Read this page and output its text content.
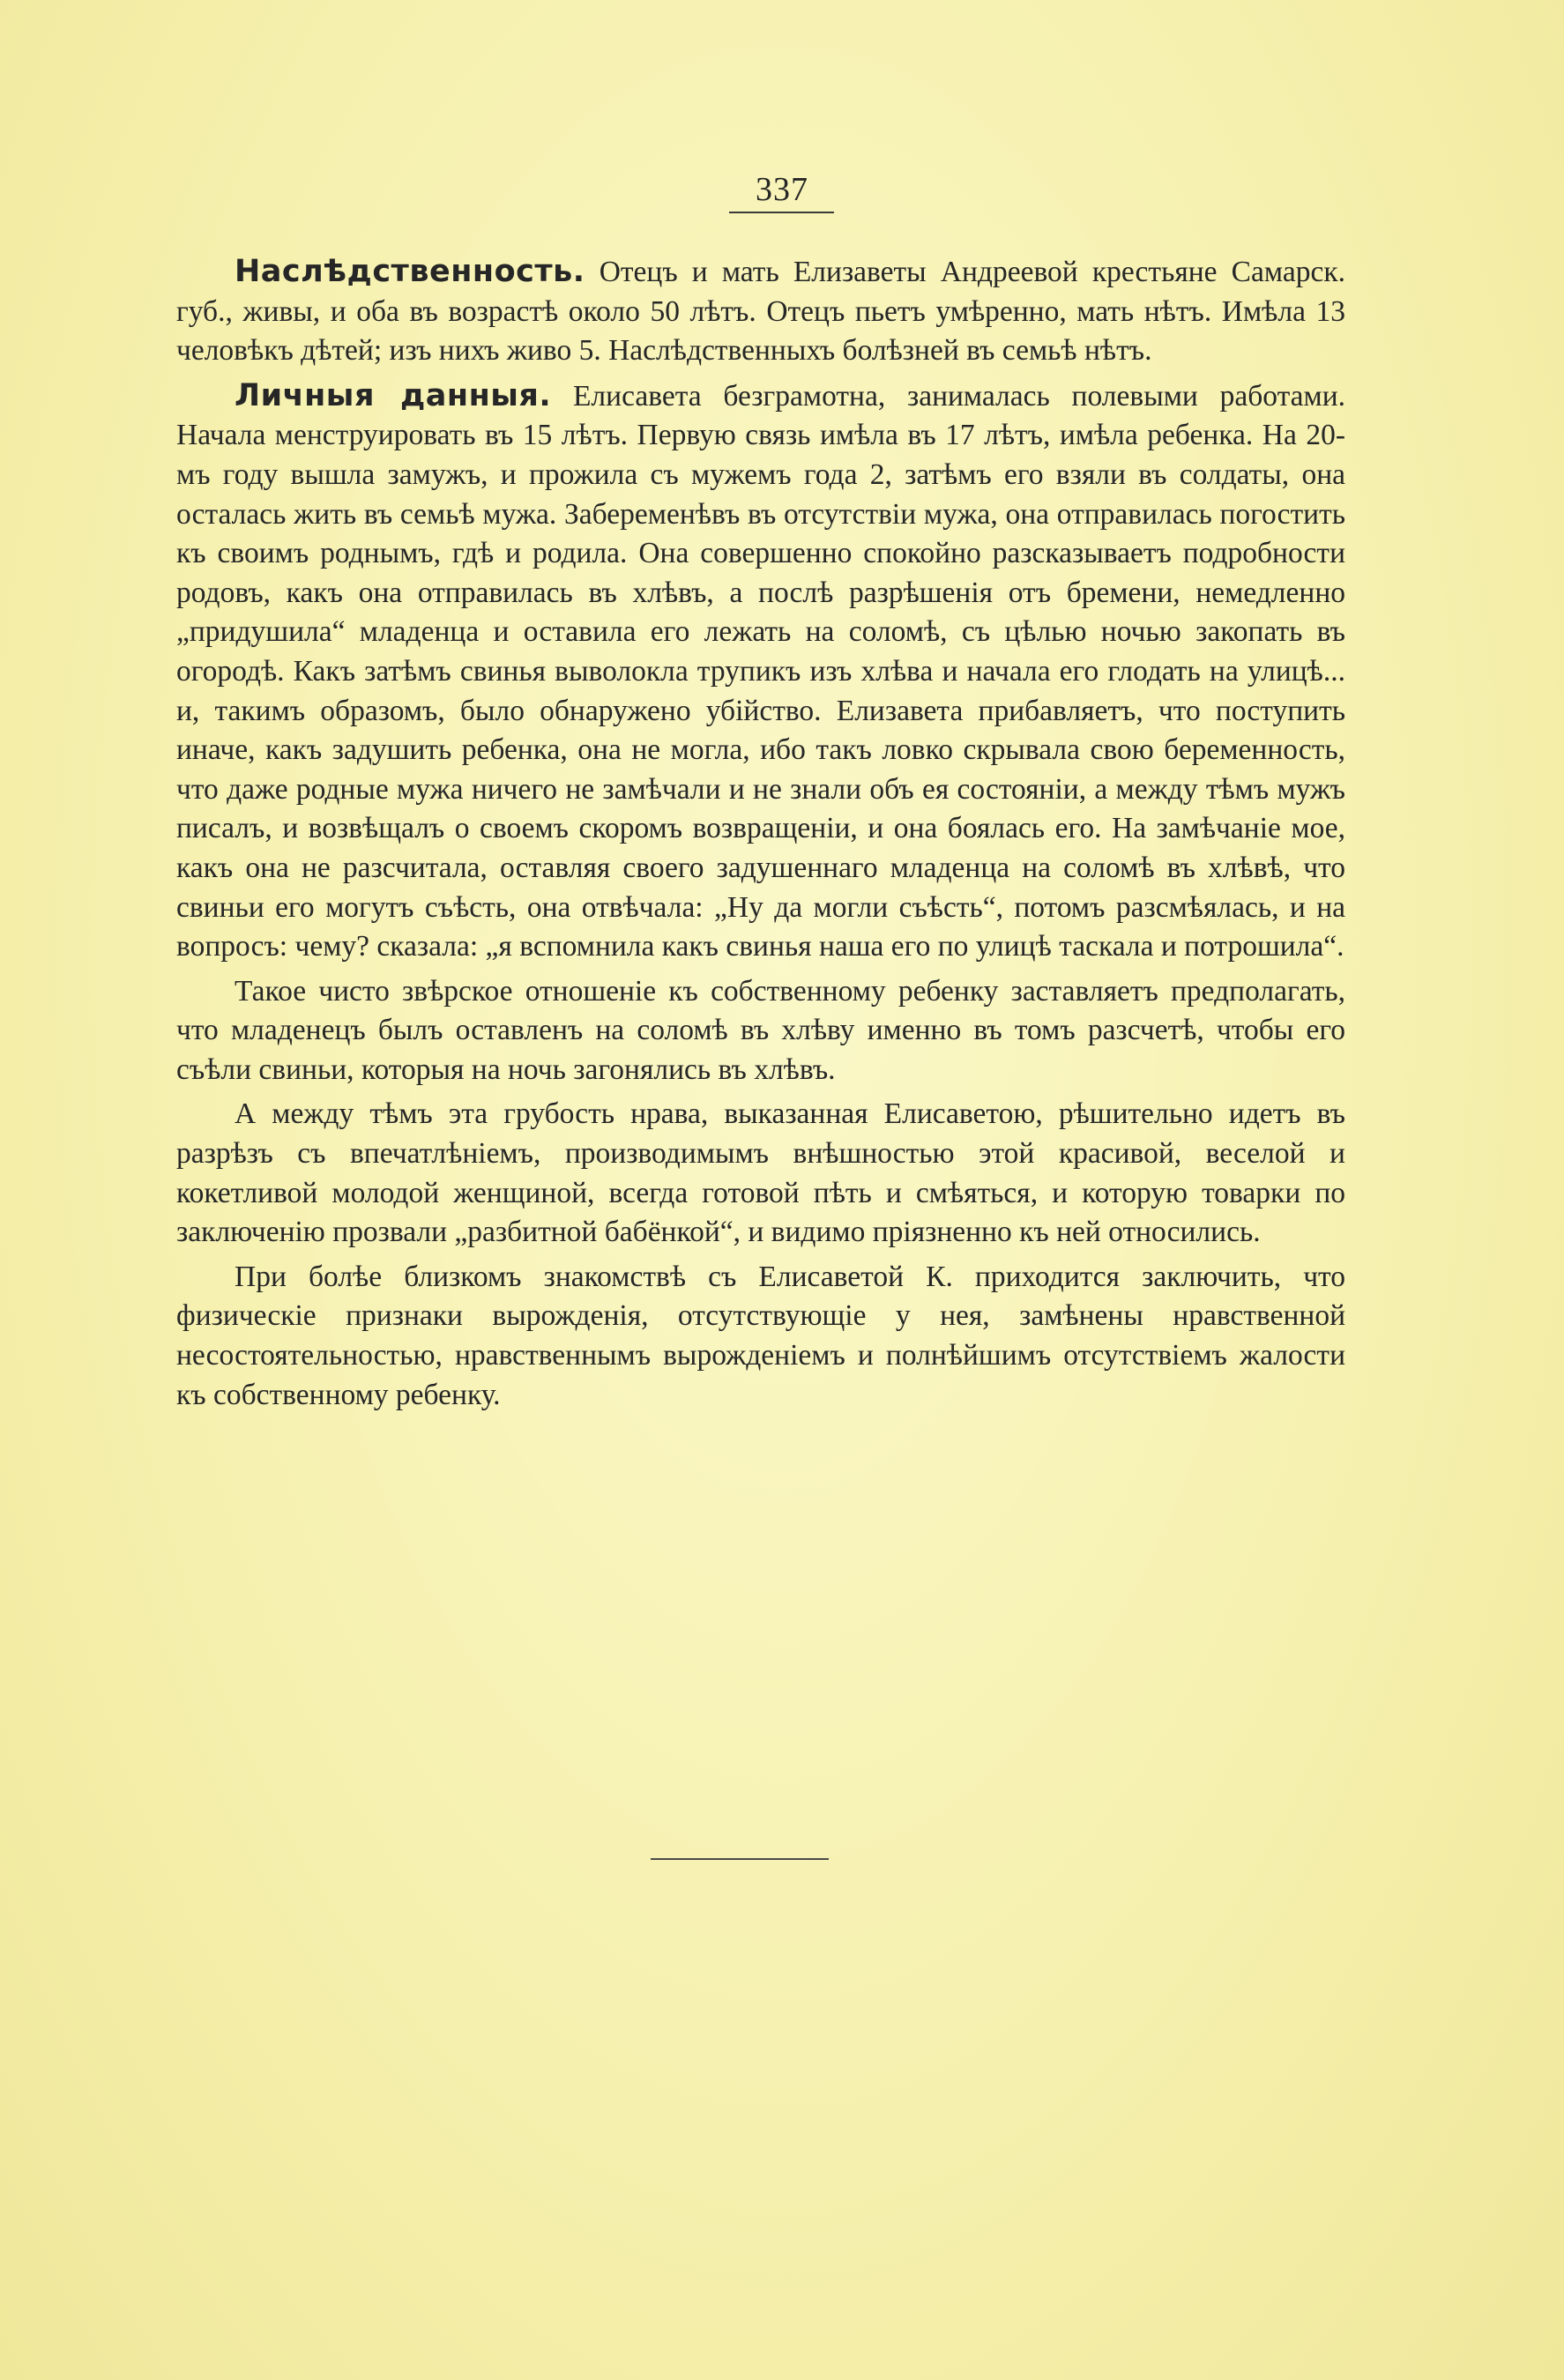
337

Наслѣдственность. Отецъ и мать Елизаветы Андреевой крестьяне Самарск. губ., живы, и оба въ возрастѣ около 50 лѣтъ. Отецъ пьетъ умѣренно, мать нѣтъ. Имѣла 13 человѣкъ дѣтей; изъ нихъ живо 5. Наслѣдственныхъ болѣзней въ семьѣ нѣтъ.

Личныя данныя. Елисавета безграмотна, занималась полевыми работами. Начала менструировать въ 15 лѣтъ. Первую связь имѣла въ 17 лѣтъ, имѣла ребенка. На 20-мъ году вышла замужъ, и прожила съ мужемъ года 2, затѣмъ его взяли въ солдаты, она осталась жить въ семьѣ мужа. Забеременѣвъ въ отсутствіи мужа, она отправилась погостить къ своимъ роднымъ, гдѣ и родила. Она совершенно спокойно разсказываетъ подробности родовъ, какъ она отправилась въ хлѣвъ, а послѣ разрѣшенія отъ бремени, немедленно „придушила“ младенца и оставила его лежать на соломѣ, съ цѣлью ночью закопать въ огородѣ. Какъ затѣмъ свинья выволокла трупикъ изъ хлѣва и начала его глодать на улицѣ... и, такимъ образомъ, было обнаружено убійство. Елизавета прибавляетъ, что поступить иначе, какъ задушить ребенка, она не могла, ибо такъ ловко скрывала свою беременность, что даже родные мужа ничего не замѣчали и не знали объ ея состояніи, а между тѣмъ мужъ писалъ, и возвѣщалъ о своемъ скоромъ возвращеніи, и она боялась его. На замѣчаніе мое, какъ она не разсчитала, оставляя своего задушеннаго младенца на соломѣ въ хлѣвѣ, что свиньи его могутъ съѣсть, она отвѣчала: „Ну да могли съѣсть“, потомъ разсмѣялась, и на вопросъ: чему? сказала: „я вспомнила какъ свинья наша его по улицѣ таскала и потрошила“.

Такое чисто звѣрское отношеніе къ собственному ребенку заставляетъ предполагать, что младенецъ былъ оставленъ на соломѣ въ хлѣву именно въ томъ разсчетѣ, чтобы его съѣли свиньи, которыя на ночь загонялись въ хлѣвъ.

А между тѣмъ эта грубость нрава, выказанная Елисаветою, рѣшительно идетъ въ разрѣзъ съ впечатлѣніемъ, производимымъ внѣшностью этой красивой, веселой и кокетливой молодой женщиной, всегда готовой пѣть и смѣяться, и которую товарки по заключенію прозвали „разбитной бабёнкой“, и видимо пріязненно къ ней относились.

При болѣе близкомъ знакомствѣ съ Елисаветой К. приходится заключить, что физическіе признаки вырожденія, отсутствующіе у нея, замѣнены нравственной несостоятельностью, нравственнымъ вырожденіемъ и полнѣйшимъ отсутствіемъ жалости къ собственному ребенку.
